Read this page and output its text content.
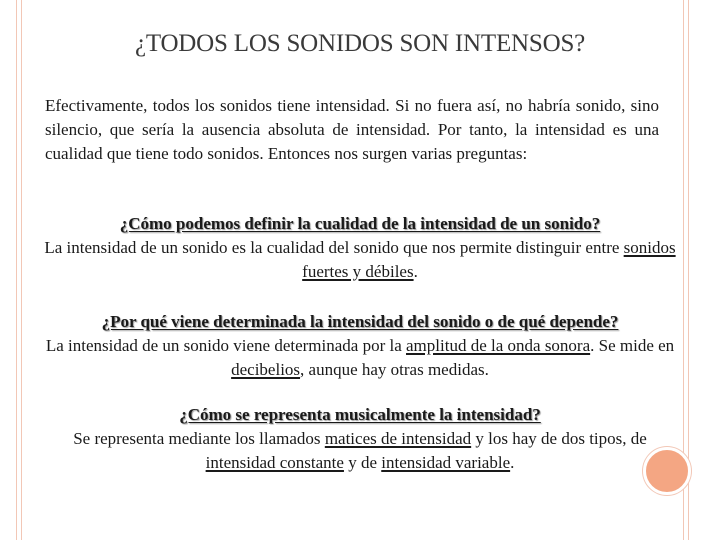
¿TODOS LOS SONIDOS SON INTENSOS?
Efectivamente, todos los sonidos tiene intensidad. Si no fuera así, no habría sonido, sino silencio, que sería la ausencia absoluta de intensidad. Por tanto, la intensidad es una cualidad que tiene todo sonidos. Entonces nos surgen varias preguntas:
¿Cómo podemos definir la cualidad de la intensidad de un sonido?
La intensidad de un sonido es la cualidad del sonido que nos permite distinguir entre sonidos fuertes y débiles.
¿Por qué viene determinada la intensidad del sonido o de qué depende?
La intensidad de un sonido viene determinada por la amplitud de la onda sonora. Se mide en decibelios, aunque hay otras medidas.
¿Cómo se representa musicalmente la intensidad?
Se representa mediante los llamados matices de intensidad y los hay de dos tipos, de intensidad constante y de intensidad variable.
